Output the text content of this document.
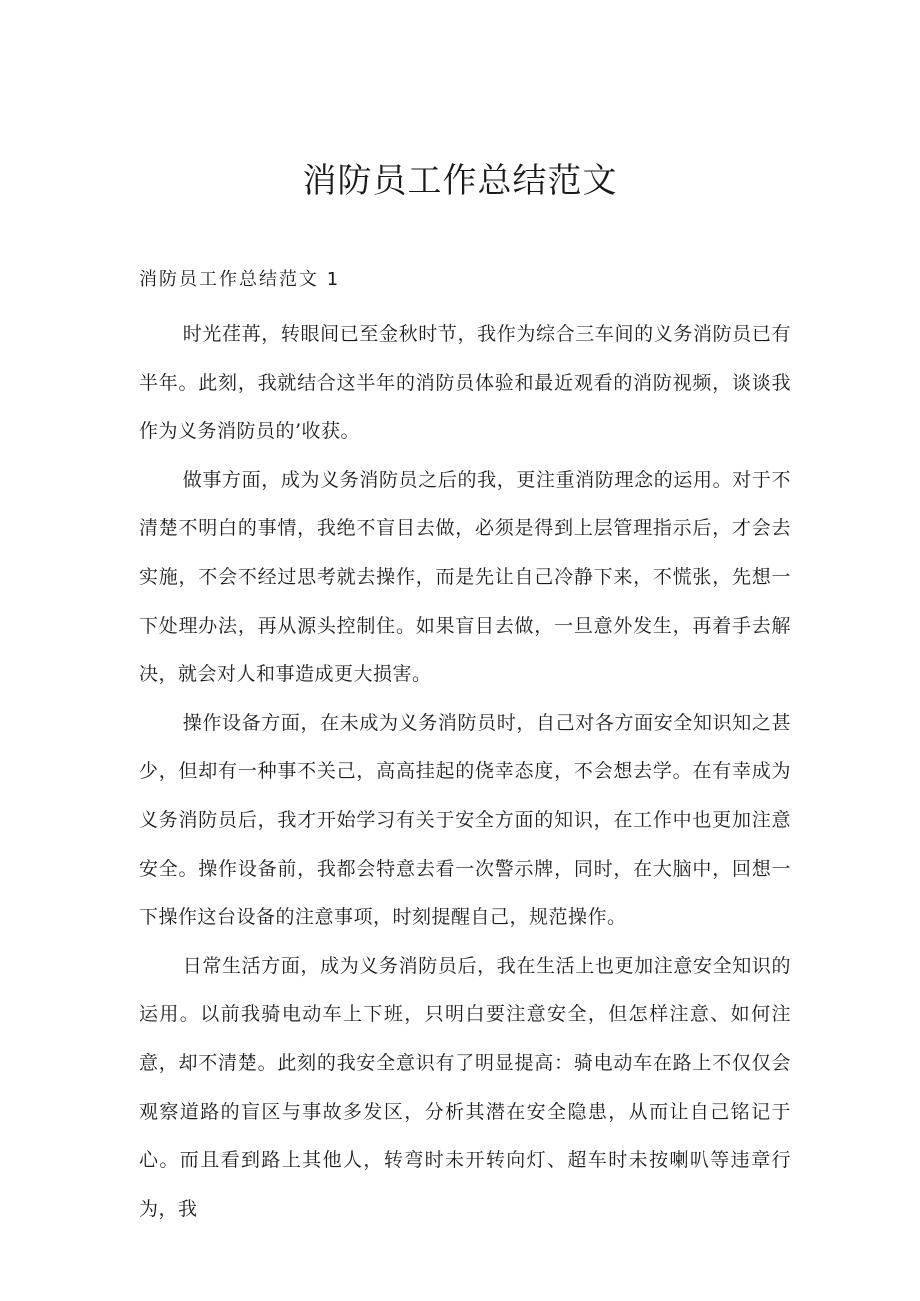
消防员工作总结范文
消防员工作总结范文 1

时光荏苒，转眼间已至金秋时节，我作为综合三车间的义务消防员已有半年。此刻，我就结合这半年的消防员体验和最近观看的消防视频，谈谈我作为义务消防员的’收获。

做事方面，成为义务消防员之后的我，更注重消防理念的运用。对于不清楚不明白的事情，我绝不盲目去做，必须是得到上层管理指示后，才会去实施，不会不经过思考就去操作，而是先让自己冷静下来，不慌张，先想一下处理办法，再从源头控制住。如果盲目去做，一旦意外发生，再着手去解决，就会对人和事造成更大损害。

操作设备方面，在未成为义务消防员时，自己对各方面安全知识知之甚少，但却有一种事不关己，高高挂起的侥幸态度，不会想去学。在有幸成为义务消防员后，我才开始学习有关于安全方面的知识，在工作中也更加注意安全。操作设备前，我都会特意去看一次警示牌，同时，在大脑中，回想一下操作这台设备的注意事项，时刻提醒自己，规范操作。

日常生活方面，成为义务消防员后，我在生活上也更加注意安全知识的运用。以前我骑电动车上下班，只明白要注意安全，但怎样注意、如何注意，却不清楚。此刻的我安全意识有了明显提高：骑电动车在路上不仅仅会观察道路的盲区与事故多发区，分析其潜在安全隐患，从而让自己铭记于心。而且看到路上其他人，转弯时未开转向灯、超车时未按喇叭等违章行为，我
